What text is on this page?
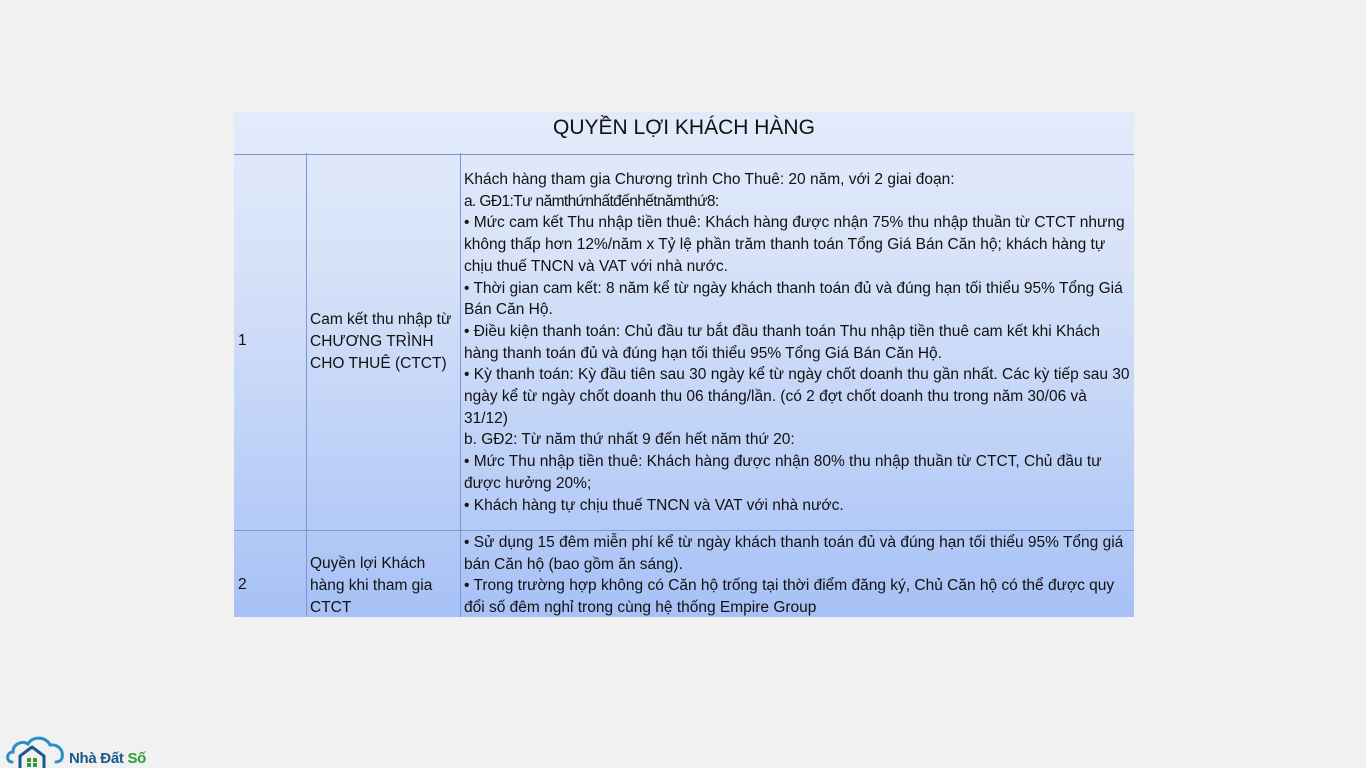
QUYỀN LỢI KHÁCH HÀNG
1
Cam kết thu nhập từ CHƯƠNG TRÌNH CHO THUÊ (CTCT)

Khách hàng tham gia Chương trình Cho Thuê: 20 năm, với 2 giai đoạn:

a. GĐ1:Tư nămthứnhấtđếnhếtnămthứ8:

• Mức cam kết Thu nhập tiền thuê: Khách hàng được nhận 75% thu nhập thuần từ CTCT nhưng không thấp hơn 12%/năm x Tỷ lệ phần trăm thanh toán Tổng Giá Bán Căn hộ; khách hàng tự chịu thuế TNCN và VAT với nhà nước.

• Thời gian cam kết: 8 năm kể từ ngày khách thanh toán đủ và đúng hạn tối thiểu 95% Tổng Giá Bán Căn Hộ.

• Điều kiện thanh toán: Chủ đầu tư bắt đầu thanh toán Thu nhập tiền thuê cam kết khi Khách hàng thanh toán đủ và đúng hạn tối thiểu 95% Tổng Giá Bán Căn Hộ.

• Kỳ thanh toán: Kỳ đầu tiên sau 30 ngày kể từ ngày chốt doanh thu gần nhất. Các kỳ tiếp sau 30 ngày kể từ ngày chốt doanh thu 06 tháng/lần. (có 2 đợt chốt doanh thu trong năm 30/06 và 31/12)

b. GĐ2: Từ năm thứ nhất 9 đến hết năm thứ 20:

• Mức Thu nhập tiền thuê: Khách hàng được nhận 80% thu nhập thuần từ CTCT, Chủ đầu tư được hưởng 20%;

• Khách hàng tự chịu thuế TNCN và VAT với nhà nước.

2
Quyền lợi Khách hàng khi tham gia CTCT

• Sử dụng 15 đêm miễn phí kể từ ngày khách thanh toán đủ và đúng hạn tối thiểu 95% Tổng giá bán Căn hộ (bao gồm ăn sáng).

• Trong trường hợp không có Căn hộ trống tại thời điểm đăng ký, Chủ Căn hộ có thể được quy đổi số đêm nghỉ trong cùng hệ thống Empire Group

Nhà Đất Số
